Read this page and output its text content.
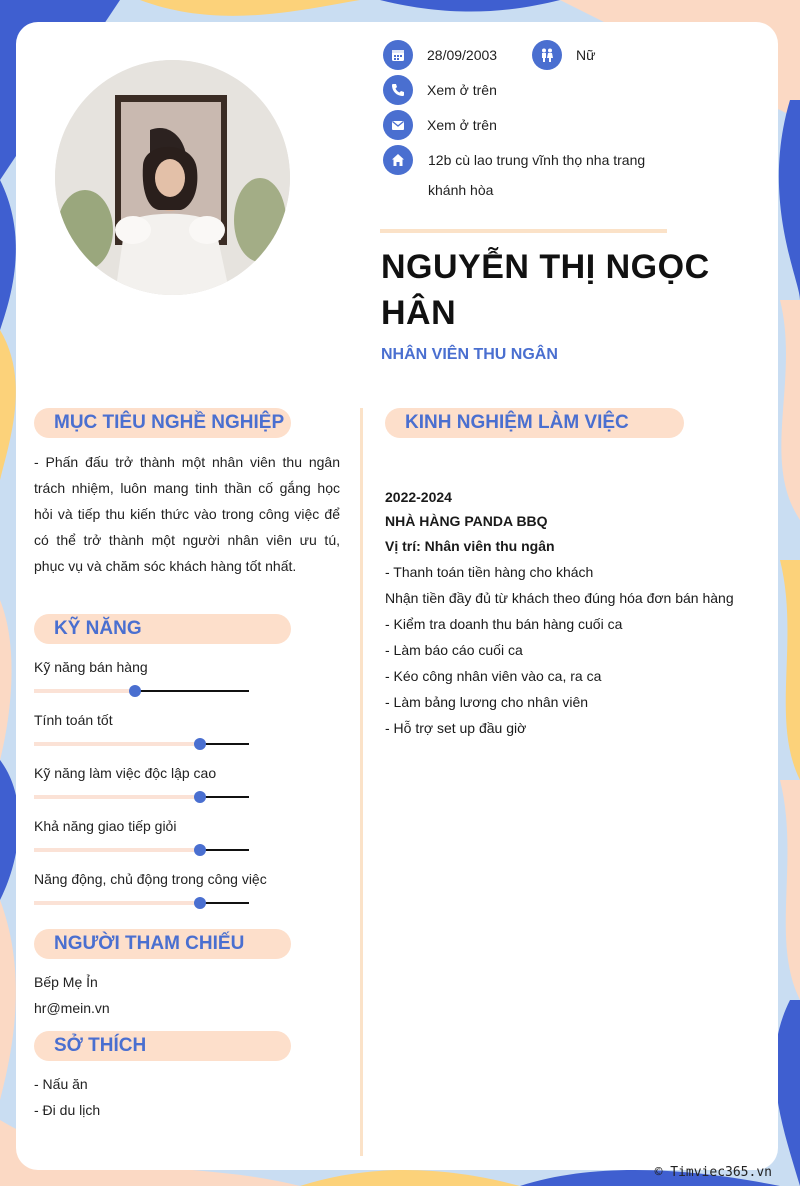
28/09/2003	Nữ
Xem ở trên
Xem ở trên
12b cù lao trung vĩnh thọ nha trang khánh hòa
NGUYỄN THỊ NGỌC HÂN
NHÂN VIÊN THU NGÂN
MỤC TIÊU NGHỀ NGHIỆP
- Phấn đấu trở thành một nhân viên thu ngân trách nhiệm, luôn mang tinh thần cố gắng học hỏi và tiếp thu kiến thức vào trong công việc để có thể trở thành một người nhân viên ưu tú, phục vụ và chăm sóc khách hàng tốt nhất.
KỸ NĂNG
Kỹ năng bán hàng
Tính toán tốt
Kỹ năng làm việc độc lập cao
Khả năng giao tiếp giỏi
Năng động, chủ động trong công việc
NGƯỜI THAM CHIẾU
Bếp Mẹ Ỉn
hr@mein.vn
SỞ THÍCH
- Nấu ăn
- Đi du lịch
KINH NGHIỆM LÀM VIỆC
2022-2024
NHÀ HÀNG PANDA BBQ
Vị trí: Nhân viên thu ngân
- Thanh toán tiền hàng cho khách
Nhận tiền đầy đủ từ khách theo đúng hóa đơn bán hàng
- Kiểm tra doanh thu bán hàng cuối ca
- Làm báo cáo cuối ca
- Kéo công nhân viên vào ca, ra ca
- Làm bảng lương cho nhân viên
- Hỗ trợ set up đầu giờ
© Timviec365.vn
